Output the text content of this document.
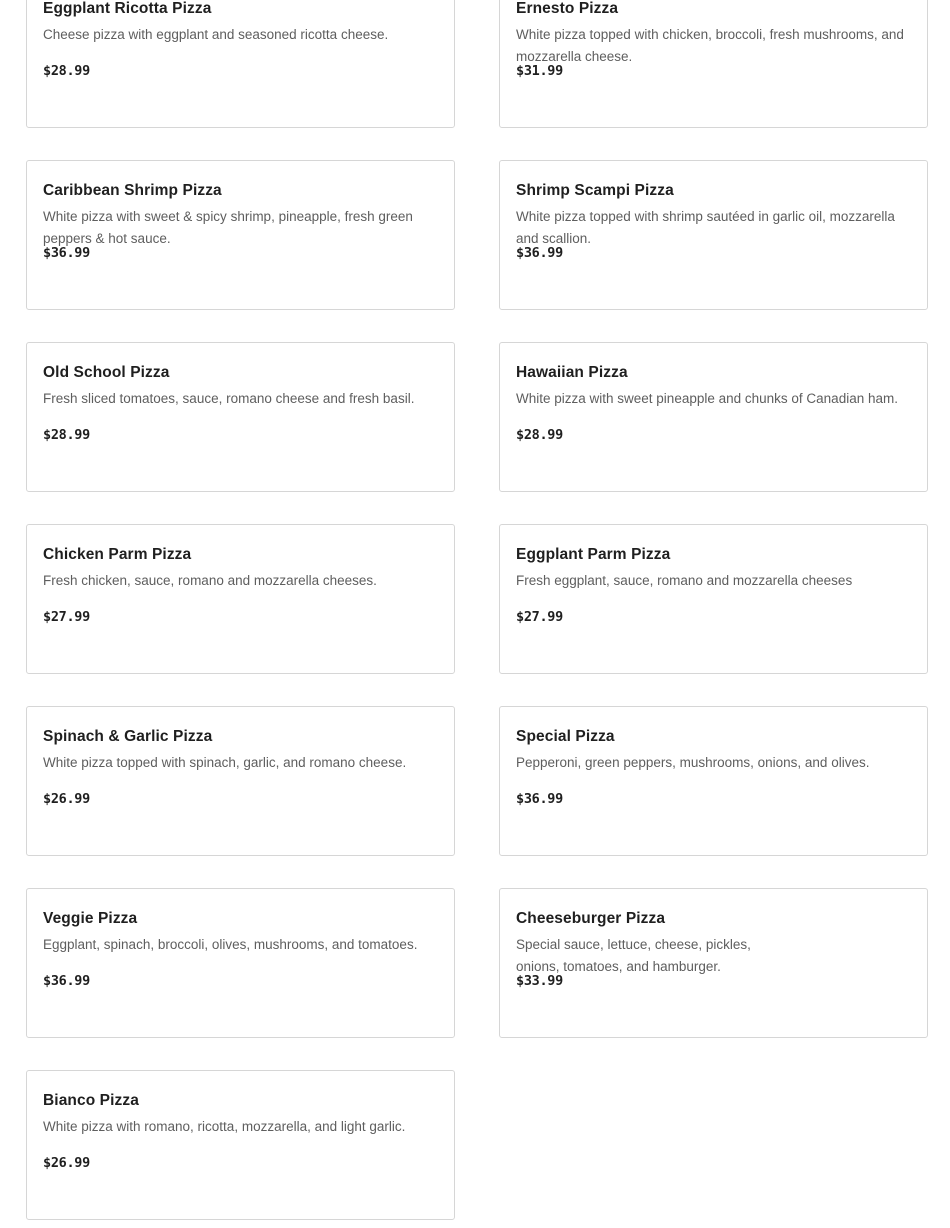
Eggplant Ricotta Pizza
Cheese pizza with eggplant and seasoned ricotta cheese.
$28.99
Ernesto Pizza
White pizza topped with chicken, broccoli, fresh mushrooms, and mozzarella cheese.
$31.99
Caribbean Shrimp Pizza
White pizza with sweet & spicy shrimp, pineapple, fresh green peppers & hot sauce.
$36.99
Shrimp Scampi Pizza
White pizza topped with shrimp sautéed in garlic oil, mozzarella and scallion.
$36.99
Old School Pizza
Fresh sliced tomatoes, sauce, romano cheese and fresh basil.
$28.99
Hawaiian Pizza
White pizza with sweet pineapple and chunks of Canadian ham.
$28.99
Chicken Parm Pizza
Fresh chicken, sauce, romano and mozzarella cheeses.
$27.99
Eggplant Parm Pizza
Fresh eggplant, sauce, romano and mozzarella cheeses
$27.99
Spinach & Garlic Pizza
White pizza topped with spinach, garlic, and romano cheese.
$26.99
Special Pizza
Pepperoni, green peppers, mushrooms, onions, and olives.
$36.99
Veggie Pizza
Eggplant, spinach, broccoli, olives, mushrooms, and tomatoes.
$36.99
Cheeseburger Pizza
Special sauce, lettuce, cheese, pickles, onions, tomatoes, and hamburger.
$33.99
Bianco Pizza
White pizza with romano, ricotta, mozzarella, and light garlic.
$26.99
